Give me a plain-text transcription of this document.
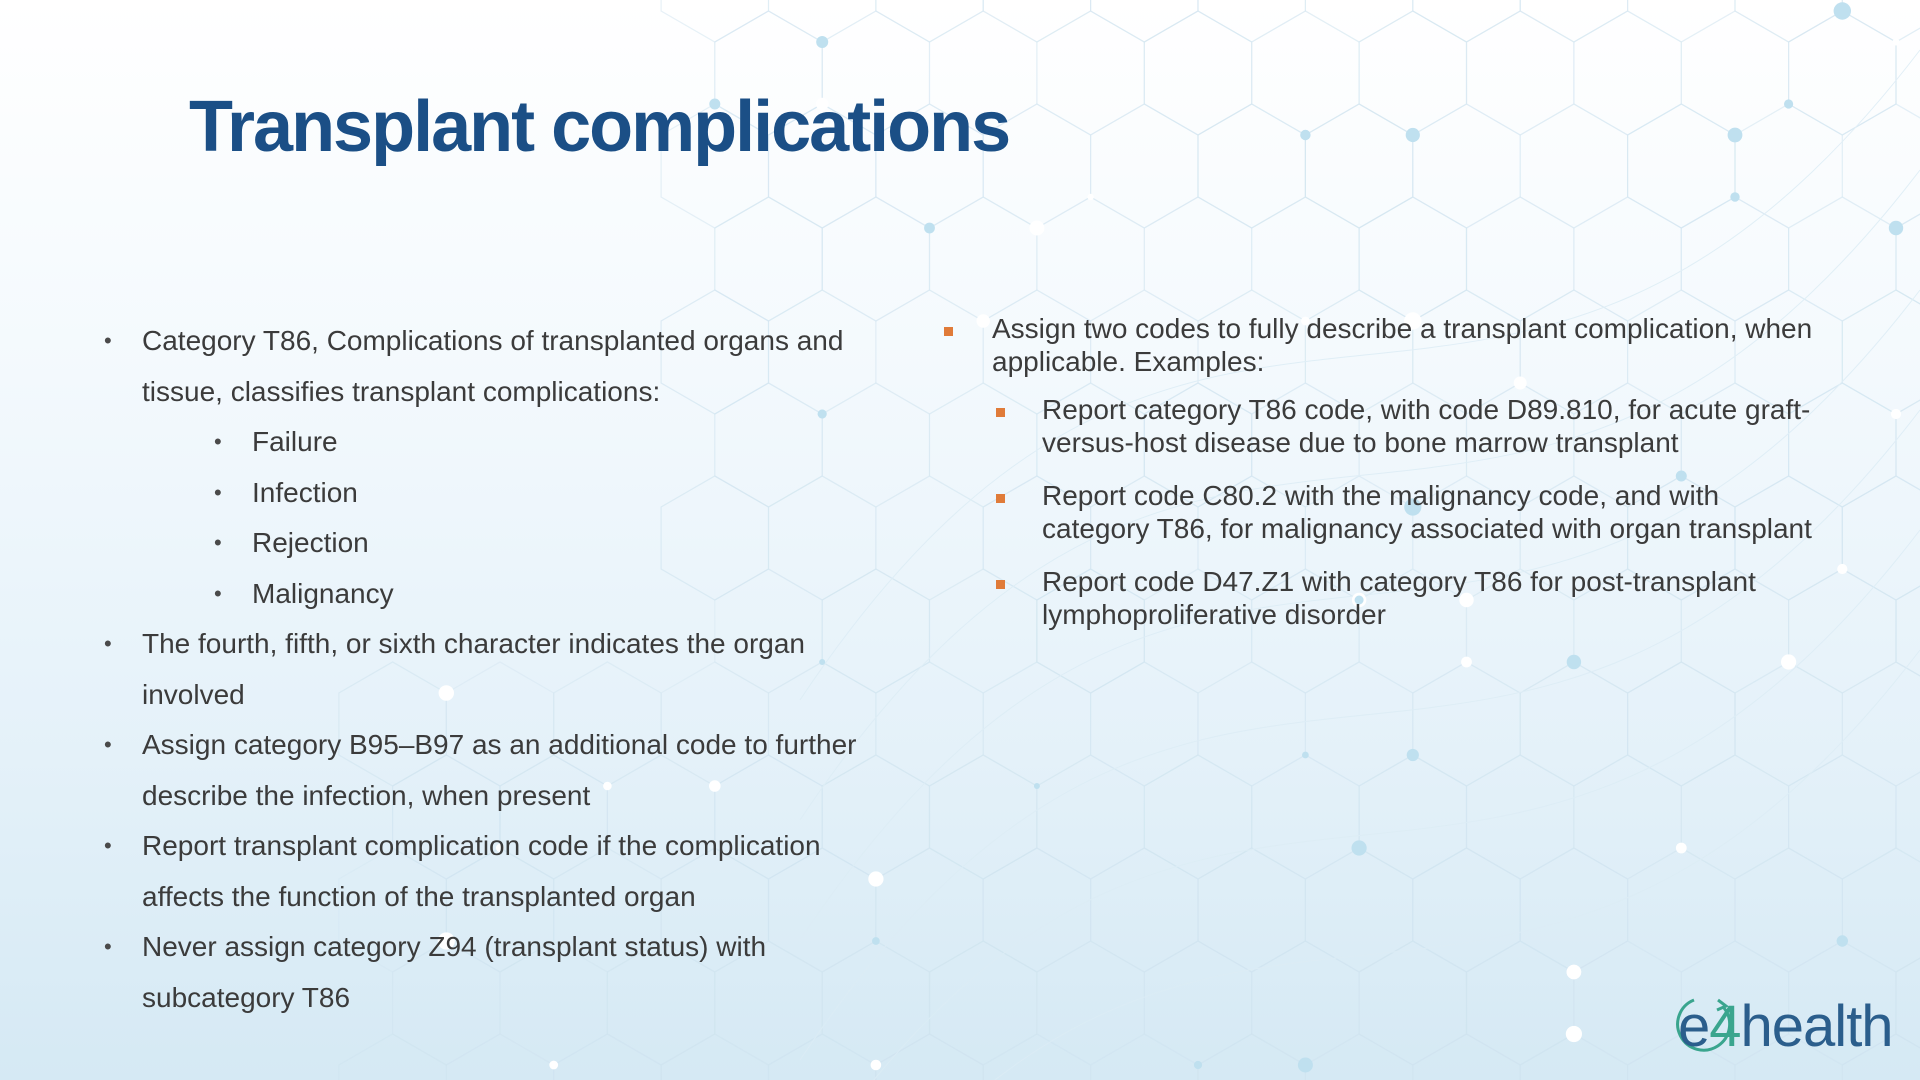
Transplant complications
• Category T86, Complications of transplanted organs and
tissue, classifies transplant complications:
• Failure
• Infection
• Rejection
• Malignancy
• The fourth, fifth, or sixth character indicates the organ
involved
• Assign category B95–B97 as an additional code to further
describe the infection, when present
• Report transplant complication code if the complication
affects the function of the transplanted organ
• Never assign category Z94 (transplant status) with
subcategory T86
Assign two codes to fully describe a transplant complication, when
applicable. Examples:
Report category T86 code, with code D89.810, for acute graft-
versus-host disease due to bone marrow transplant
Report code C80.2 with the malignancy code, and with
category T86, for malignancy associated with organ transplant
Report code D47.Z1 with category T86 for post-transplant
lymphoproliferative disorder
e4health
